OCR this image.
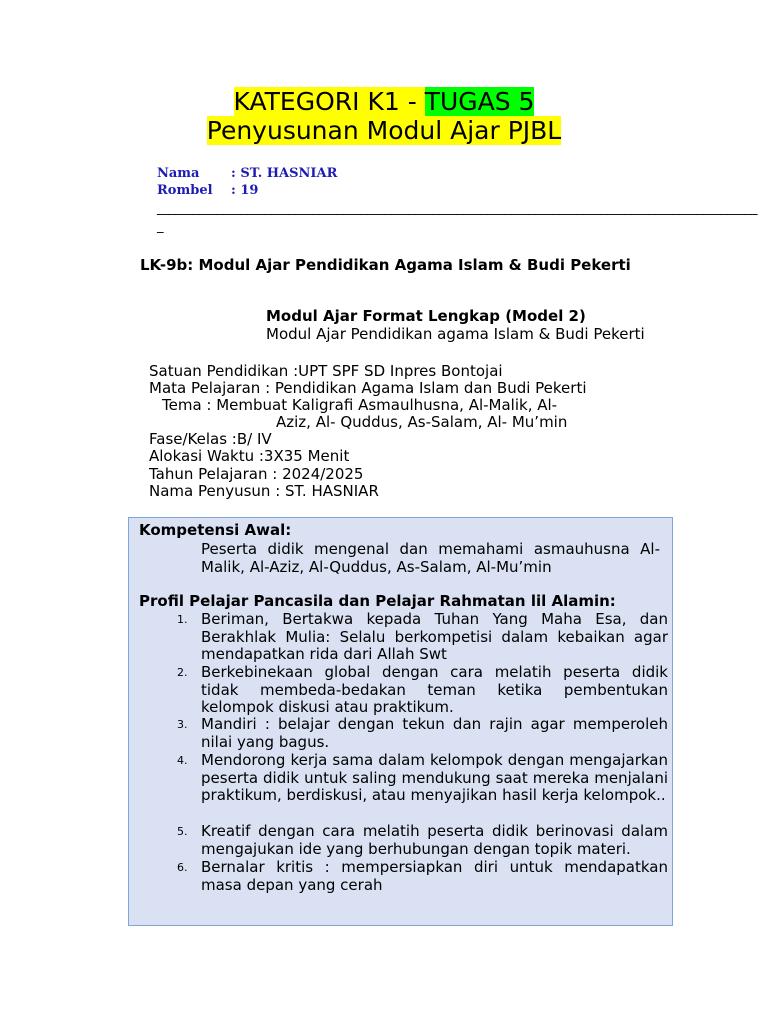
KATEGORI K1 - TUGAS 5
Penyusunan Modul Ajar PJBL
Nama : ST. HASNIAR
Rombel : 19
____________________________________________________________________________________________________
_
LK-9b: Modul Ajar Pendidikan Agama Islam & Budi Pekerti
Modul Ajar Format Lengkap (Model 2)
Modul Ajar Pendidikan agama Islam & Budi Pekerti
Satuan Pendidikan :UPT SPF SD Inpres Bontojai
Mata Pelajaran : Pendidikan Agama Islam dan Budi Pekerti
Tema : Membuat Kaligrafi Asmaulhusna, Al-Malik, Al-
Aziz, Al- Quddus, As-Salam, Al- Mu’min
Fase/Kelas :B/ IV
Alokasi Waktu :3X35 Menit
Tahun Pelajaran : 2024/2025
Nama Penyusun : ST. HASNIAR
Kompetensi Awal:
Peserta didik mengenal dan memahami asmauhusna Al-Malik, Al-Aziz, Al-Quddus, As-Salam, Al-Mu’min
Profil Pelajar Pancasila dan Pelajar Rahmatan lil Alamin:
1. Beriman, Bertakwa kepada Tuhan Yang Maha Esa, dan Berakhlak Mulia: Selalu berkompetisi dalam kebaikan agar mendapatkan rida dari Allah Swt
2. Berkebinekaan global dengan cara melatih peserta didik tidak membeda-bedakan teman ketika pembentukan kelompok diskusi atau praktikum.
3. Mandiri : belajar dengan tekun dan rajin agar memperoleh nilai yang bagus.
4. Mendorong kerja sama dalam kelompok dengan mengajarkan peserta didik untuk saling mendukung saat mereka menjalani praktikum, berdiskusi, atau menyajikan hasil kerja kelompok..
5. Kreatif dengan cara melatih peserta didik berinovasi dalam mengajukan ide yang berhubungan dengan topik materi.
6. Bernalar kritis : mempersiapkan diri untuk mendapatkan masa depan yang cerah
